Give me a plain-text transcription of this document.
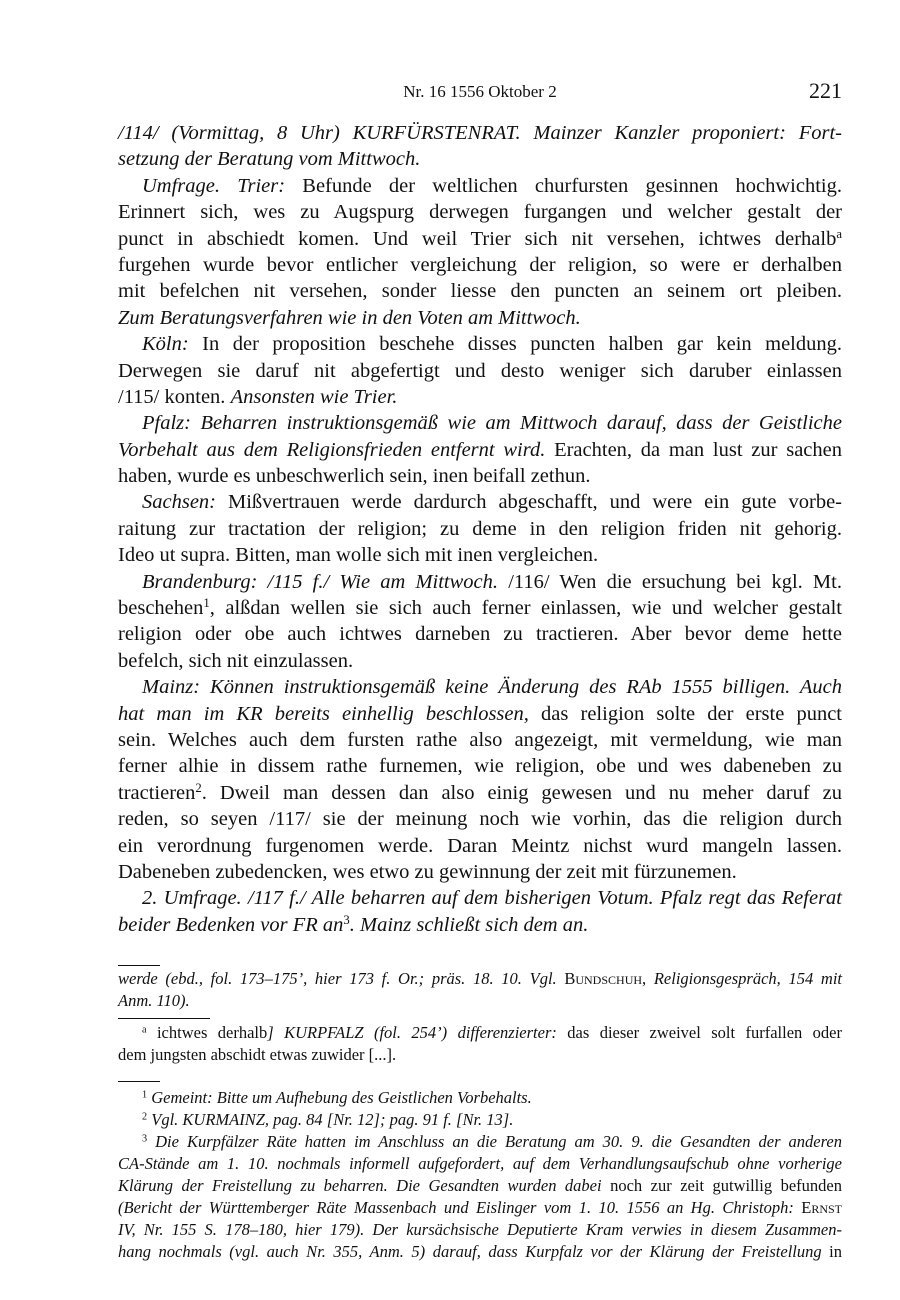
Nr. 16 1556 Oktober 2	221
/114/ (Vormittag, 8 Uhr) KURFÜRSTENRAT. Mainzer Kanzler proponiert: Fort-
setzung der Beratung vom Mittwoch.
Umfrage. Trier: Befunde der weltlichen churfursten gesinnen hochwichtig.
Erinnert sich, wes zu Augspurg derwegen furgangen und welcher gestalt der
punct in abschiedt komen. Und weil Trier sich nit versehen, ichtwes derhalb$^a$
furgehen wurde bevor entlicher vergleichung der religion, so were er derhalben
mit befelchen nit versehen, sonder liesse den puncten an seinem ort pleiben.
Zum Beratungsverfahren wie in den Voten am Mittwoch.
Köln: In der proposition beschehe disses puncten halben gar kein meldung.
Derwegen sie daruf nit abgefertigt und desto weniger sich daruber einlassen
/115/ konten. Ansonsten wie Trier.
Pfalz: Beharren instruktionsgemäß wie am Mittwoch darauf, dass der Geistliche
Vorbehalt aus dem Religionsfrieden entfernt wird. Erachten, da man lust zur sachen
haben, wurde es unbeschwerlich sein, inen beifall zethun.
Sachsen: Mißvertrauen werde dardurch abgeschafft, und were ein gute vorbe-
raitung zur tractation der religion; zu deme in den religion friden nit gehorig.
Ideo ut supra. Bitten, man wolle sich mit inen vergleichen.
Brandenburg: /115 f./ Wie am Mittwoch. /116/ Wen die ersuchung bei kgl. Mt.
beschehen$^1$, alßdan wellen sie sich auch ferner einlassen, wie und welcher gestalt
religion oder obe auch ichtwes darneben zu tractieren. Aber bevor deme hette
befelch, sich nit einzulassen.
Mainz: Können instruktionsgemäß keine Änderung des RAb 1555 billigen. Auch
hat man im KR bereits einhellig beschlossen, das religion solte der erste punct
sein. Welches auch dem fursten rathe also angezeigt, mit vermeldung, wie man
ferner alhie in dissem rathe furnemen, wie religion, obe und wes dabeneben zu
tractieren$^2$. Dweil man dessen dan also einig gewesen und nu meher daruf zu
reden, so seyen /117/ sie der meinung noch wie vorhin, das die religion durch
ein verordnung furgenomen werde. Daran Meintz nichst wurd mangeln lassen.
Dabeneben zubedencken, wes etwo zu gewinnung der zeit mit fürzunemen.
2. Umfrage. /117 f./ Alle beharren auf dem bisherigen Votum. Pfalz regt das Referat
beider Bedenken vor FR $an^3$. Mainz schließt sich dem an.
werde (ebd., fol. 173–175’, hier 173 f. Or.; präs. 18. 10. Vgl. Bundschuh, Religionsgespräch, 154 mit
Anm. 110).
$^a$ ichtwes derhalb] KURPFALZ (fol. 254’) differenzierter: das dieser zweivel solt furfallen oder
dem jungsten abschidt etwas zuwider [...].
$^1$ Gemeint: Bitte um Aufhebung des Geistlichen Vorbehalts.
$^2$ Vgl. KURMAINZ, pag. 84 [Nr. 12]; pag. 91 f. [Nr. 13].
$^3$ Die Kurpfälzer Räte hatten im Anschluss an die Beratung am 30. 9. die Gesandten der anderen
CA-Stände am 1. 10. nochmals informell aufgefordert, auf dem Verhandlungsaufschub ohne vorherige
Klärung der Freistellung zu beharren. Die Gesandten wurden dabei noch zur zeit gutwillig befunden
(Bericht der Württemberger Räte Massenbach und Eislinger vom 1. 10. 1556 an Hg. Christoph: Ernst
IV, Nr. 155 S. 178–180, hier 179). Der kursächsische Deputierte Kram verwies in diesem Zusammen-
hang nochmals (vgl. auch Nr. 355, Anm. 5) darauf, dass Kurpfalz vor der Klärung der Freistellung in
